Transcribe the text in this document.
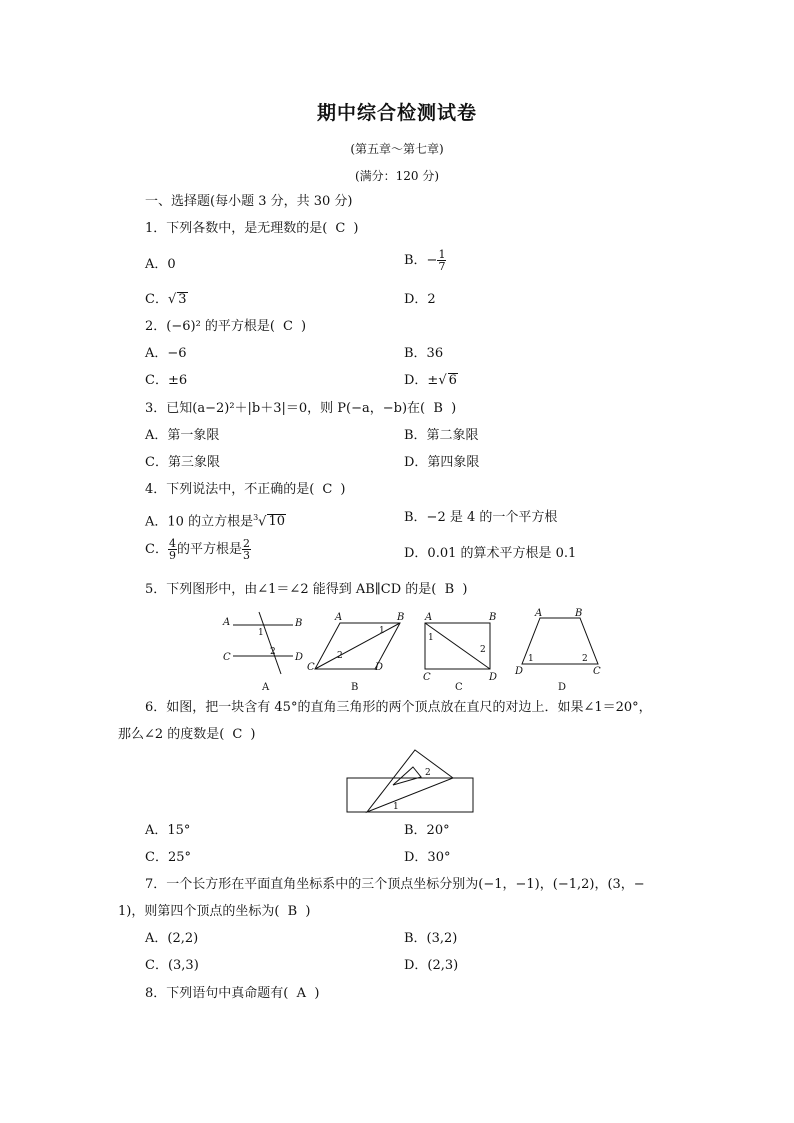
期中综合检测试卷
(第五章～第七章)
(满分：120 分)
一、选择题(每小题 3 分，共 30 分)
1．下列各数中，是无理数的是( C )
A．0	B．− $\frac{1}{7}$
C．√ 3	D．2
2．(−6)² 的平方根是( C )
A．−6	B．36
C．±6	D．±√ 6
3．已知(a−2)²＋|b＋3|＝0，则 P(−a，−b)在( B )
A．第一象限	B．第二象限
C．第三象限	D．第四象限
4．下列说法中，不正确的是( C )
A．10 的立方根是$^3$√ 10	B．−2 是 4 的一个平方根
C． $\frac{4}{9}$ 的平方根是 $\frac{2}{3}$	D．0.01 的算术平方根是 0.1
5．下列图形中，由∠1＝∠2 能得到 AB∥CD 的是( B )
A	B
C	D
A	B
C	D
A	B
C	D
A	B
D	C
1
2
1
2
1
2
1	2
A	B	C	D
6．如图，把一块含有 45°的直角三角形的两个顶点放在直尺的对边上．如果∠1＝20°，
那么∠2 的度数是( C )
2
1
A．15°	B．20°
C．25°	D．30°
7．一个长方形在平面直角坐标系中的三个顶点坐标分别为(−1，−1)，(−1,2)，(3，−
1)，则第四个顶点的坐标为( B )
A．(2,2)	B．(3,2)
C．(3,3)	D．(2,3)
8．下列语句中真命题有( A )
